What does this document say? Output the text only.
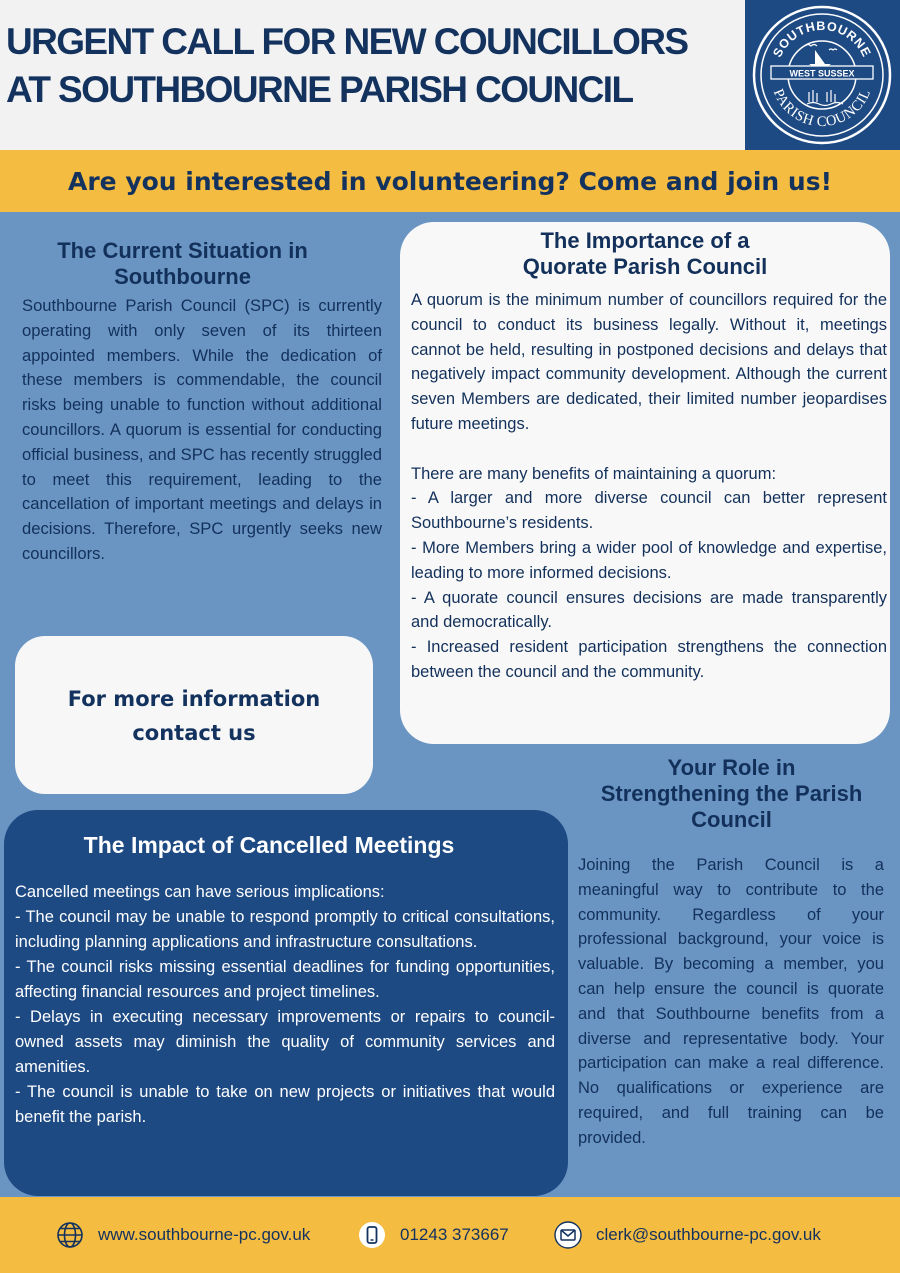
URGENT CALL FOR NEW COUNCILLORS
AT SOUTHBOURNE PARISH COUNCIL
SOUTHBOURNE
PARISH COUNCIL
WEST SUSSEX
Are you interested in volunteering? Come and join us!
The Current Situation in Southbourne

Southbourne Parish Council (SPC) is currently operating with only seven of its thirteen appointed members. While the dedication of these members is commendable, the council risks being unable to function without additional councillors. A quorum is essential for conducting official business, and SPC has recently struggled to meet this requirement, leading to the cancellation of important meetings and delays in decisions. Therefore, SPC urgently seeks new councillors.

The Importance of a
Quorate Parish Council

A quorum is the minimum number of councillors required for the council to conduct its business legally. Without it, meetings cannot be held, resulting in postponed decisions and delays that negatively impact community development. Although the current seven Members are dedicated, their limited number jeopardises future meetings.

There are many benefits of maintaining a quorum:

- A larger and more diverse council can better represent Southbourne’s residents.

- More Members bring a wider pool of knowledge and expertise, leading to more informed decisions.

- A quorate council ensures decisions are made transparently and democratically.

- Increased resident participation strengthens the connection between the council and the community.

For more information
contact us

The Impact of Cancelled Meetings

Cancelled meetings can have serious implications:

- The council may be unable to respond promptly to critical consultations, including planning applications and infrastructure consultations.

- The council risks missing essential deadlines for funding opportunities, affecting financial resources and project timelines.

- Delays in executing necessary improvements or repairs to council-owned assets may diminish the quality of community services and amenities.

- The council is unable to take on new projects or initiatives that would benefit the parish.

Your Role in
Strengthening the Parish
Council

Joining the Parish Council is a meaningful way to contribute to the community. Regardless of your professional background, your voice is valuable. By becoming a member, you can help ensure the council is quorate and that Southbourne benefits from a diverse and representative body. Your participation can make a real difference. No qualifications or experience are required, and full training can be provided.

www.southbourne-pc.gov.uk	01243 373667	clerk@southbourne-pc.gov.uk
